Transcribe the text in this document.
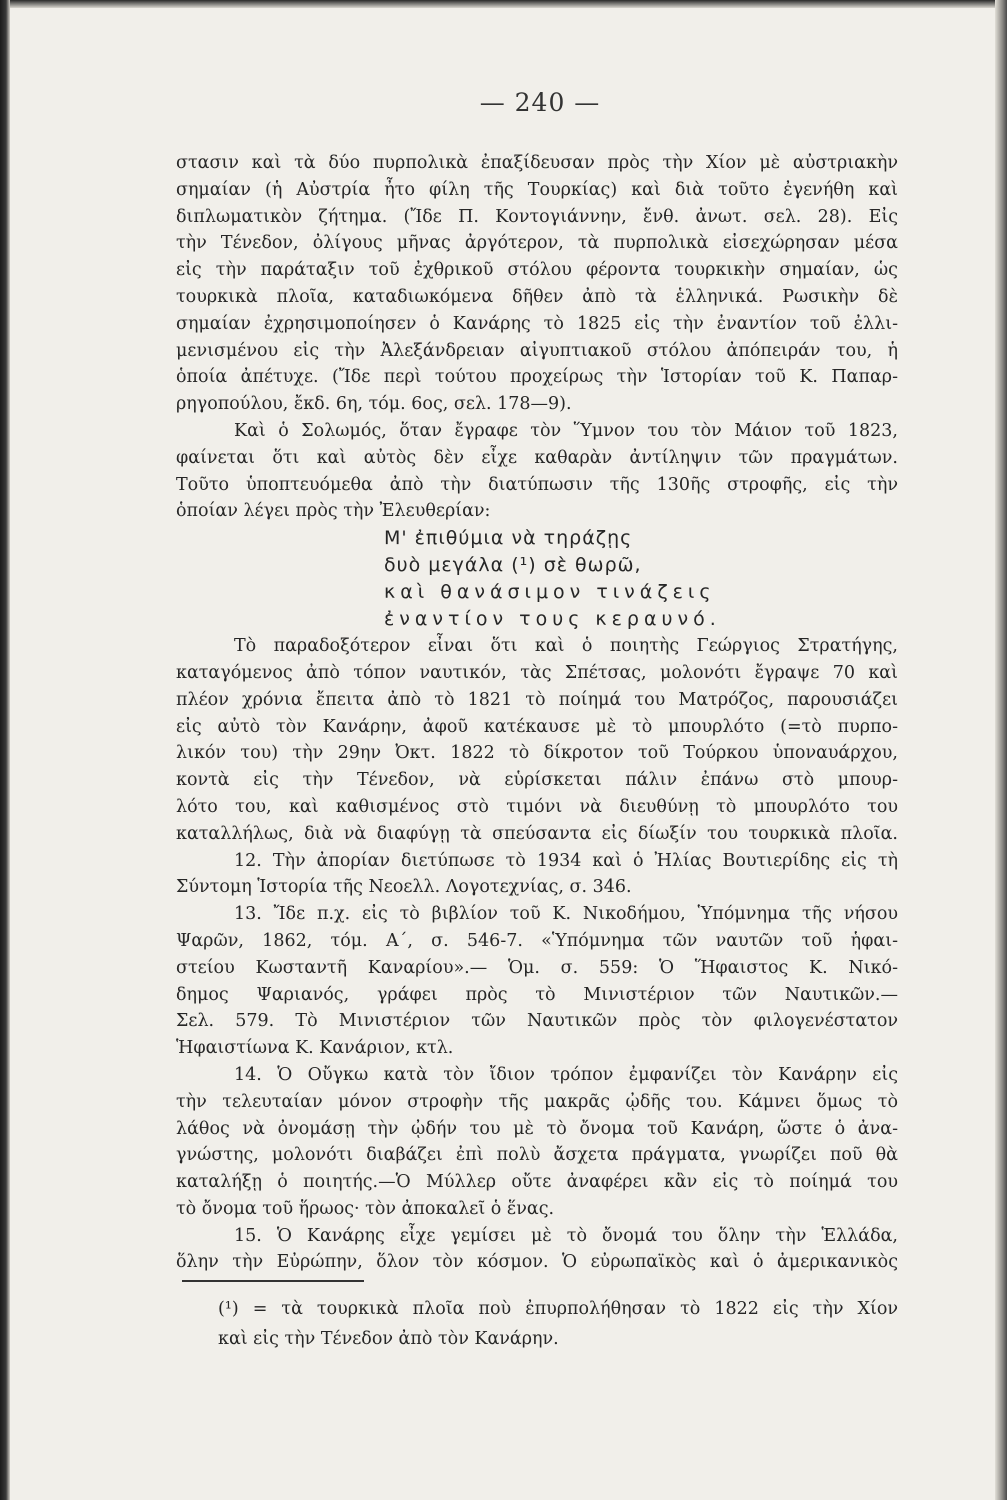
— 240 —
στασιν καὶ τὰ δύο πυρπολικὰ ἐπαξίδευσαν πρὸς τὴν Χίον μὲ αὐστριακὴν
σημαίαν (ἡ Αὐστρία ἦτο φίλη τῆς Τουρκίας) καὶ διὰ τοῦτο ἐγενήθη καὶ
διπλωματικὸν ζήτημα. (Ἴδε Π. Κοντογιάννην, ἔνθ. ἀνωτ. σελ. 28). Εἰς
τὴν Τένεδον, ὀλίγους μῆνας ἀργότερον, τὰ πυρπολικὰ εἰσεχώρησαν μέσα
εἰς τὴν παράταξιν τοῦ ἐχθρικοῦ στόλου φέροντα τουρκικὴν σημαίαν, ὡς
τουρκικὰ πλοῖα, καταδιωκόμενα δῆθεν ἀπὸ τὰ ἑλληνικά. Ρωσικὴν δὲ
σημαίαν ἐχρησιμοποίησεν ὁ Κανάρης τὸ 1825 εἰς τὴν ἐναντίον τοῦ ἐλλι-
μενισμένου εἰς τὴν Ἀλεξάνδρειαν αἰγυπτιακοῦ στόλου ἀπόπειράν του, ἡ
ὁποία ἀπέτυχε. (Ἴδε περὶ τούτου προχείρως τὴν Ἱστορίαν τοῦ Κ. Παπαρ-
ρηγοπούλου, ἔκδ. 6η, τόμ. 6ος, σελ. 178—9).
Καὶ ὁ Σολωμός, ὅταν ἔγραφε τὸν Ὕμνον του τὸν Μάιον τοῦ 1823,
φαίνεται ὅτι καὶ αὐτὸς δὲν εἶχε καθαρὰν ἀντίληψιν τῶν πραγμάτων.
Τοῦτο ὑποπτευόμεθα ἀπὸ τὴν διατύπωσιν τῆς 130ῆς στροφῆς, εἰς τὴν
ὁποίαν λέγει πρὸς τὴν Ἐλευθερίαν:
Μ' ἐπιθύμια νὰ τηράζῃς
δυὸ μεγάλα (¹) σὲ θωρῶ,
καὶ θανάσιμον τινάζεις
ἐναντίον τους κεραυνό.
Τὸ παραδοξότερον εἶναι ὅτι καὶ ὁ ποιητὴς Γεώργιος Στρατήγης,
καταγόμενος ἀπὸ τόπον ναυτικόν, τὰς Σπέτσας, μολονότι ἔγραψε 70 καὶ
πλέον χρόνια ἔπειτα ἀπὸ τὸ 1821 τὸ ποίημά του Ματρόζος, παρουσιάζει
εἰς αὐτὸ τὸν Κανάρην, ἀφοῦ κατέκαυσε μὲ τὸ μπουρλότο (=τὸ πυρπο-
λικόν του) τὴν 29ην Ὀκτ. 1822 τὸ δίκροτον τοῦ Τούρκου ὑποναυάρχου,
κοντὰ εἰς τὴν Τένεδον, νὰ εὑρίσκεται πάλιν ἐπάνω στὸ μπουρ-
λότο του, καὶ καθισμένος στὸ τιμόνι νὰ διευθύνῃ τὸ μπουρλότο του
καταλλήλως, διὰ νὰ διαφύγῃ τὰ σπεύσαντα εἰς δίωξίν του τουρκικὰ πλοῖα.
12. Τὴν ἀπορίαν διετύπωσε τὸ 1934 καὶ ὁ Ἠλίας Βουτιερίδης εἰς τὴ
Σύντομη Ἱστορία τῆς Νεοελλ. Λογοτεχνίας, σ. 346.
13. Ἴδε π.χ. εἰς τὸ βιβλίον τοῦ Κ. Νικοδήμου, Ὑπόμνημα τῆς νήσου
Ψαρῶν, 1862, τόμ. Α΄, σ. 546-7. «Ὑπόμνημα τῶν ναυτῶν τοῦ ἡφαι-
στείου Κωσταντῆ Καναρίου».— Ὁμ. σ. 559: Ὁ Ἥφαιστος Κ. Νικό-
δημος Ψαριανός, γράφει πρὸς τὸ Μινιστέριον τῶν Ναυτικῶν.—
Σελ. 579. Τὸ Μινιστέριον τῶν Ναυτικῶν πρὸς τὸν φιλογενέστατον
Ἡφαιστίωνα Κ. Κανάριον, κτλ.
14. Ὁ Οὔγκω κατὰ τὸν ἴδιον τρόπον ἐμφανίζει τὸν Κανάρην εἰς
τὴν τελευταίαν μόνον στροφὴν τῆς μακρᾶς ᾠδῆς του. Κάμνει ὅμως τὸ
λάθος νὰ ὀνομάσῃ τὴν ᾠδήν του μὲ τὸ ὄνομα τοῦ Κανάρη, ὥστε ὁ ἀνα-
γνώστης, μολονότι διαβάζει ἐπὶ πολὺ ἄσχετα πράγματα, γνωρίζει ποῦ θὰ
καταλήξῃ ὁ ποιητής.—Ὁ Μύλλερ οὔτε ἀναφέρει κἂν εἰς τὸ ποίημά του
τὸ ὄνομα τοῦ ἥρωος· τὸν ἀποκαλεῖ ὁ ἕνας.
15. Ὁ Κανάρης εἶχε γεμίσει μὲ τὸ ὄνομά του ὅλην τὴν Ἑλλάδα,
ὅλην τὴν Εὐρώπην, ὅλον τὸν κόσμον. Ὁ εὐρωπαϊκὸς καὶ ὁ ἀμερικανικὸς
(¹) = τὰ τουρκικὰ πλοῖα ποὺ ἐπυρπολήθησαν τὸ 1822 εἰς τὴν Χίον
καὶ εἰς τὴν Τένεδον ἀπὸ τὸν Κανάρην.
